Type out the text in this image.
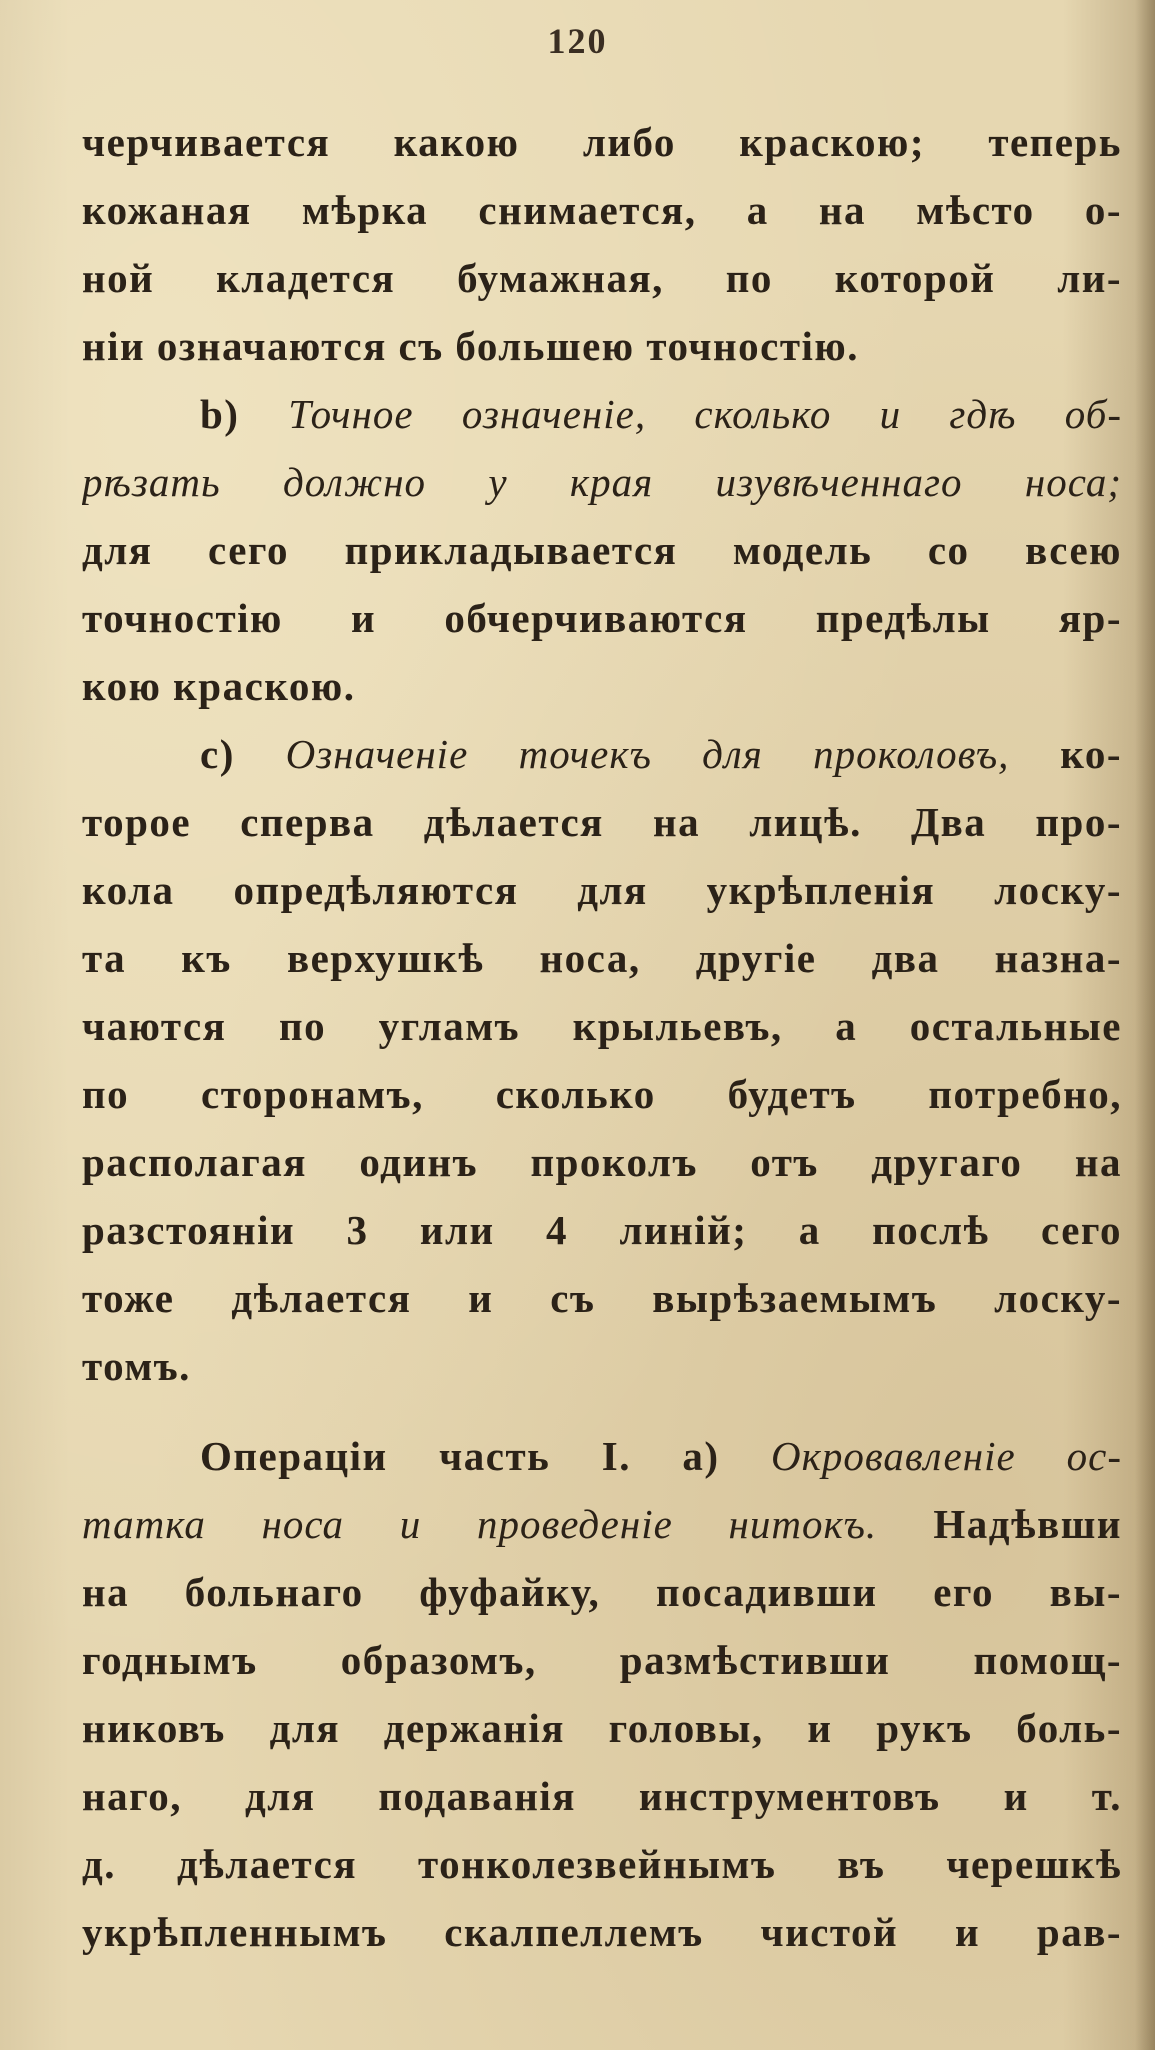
120
черчивается какою либо краскою; теперь
кожаная мѣрка снимается, а на мѣсто о-
ной кладется бумажная, по которой ли-
нiи означаются съ большею точностiю.
b) Точное означенiе, сколько и гдѣ об-
рѣзать должно у края изувѣченнаго носа;
для сего прикладывается модель со всею
точностiю и обчерчиваются предѣлы яр-
кою краскою.
c) Означенiе точекъ для проколовъ, ко-
торое сперва дѣлается на лицѣ. Два про-
кола опредѣляются для укрѣпленiя лоску-
та къ верхушкѣ носа, другiе два назна-
чаются по угламъ крыльевъ, а остальные
по сторонамъ, сколько будетъ потребно,
располагая одинъ проколъ отъ другаго на
разстоянiи 3 или 4 линiй; а послѣ сего
тоже дѣлается и съ вырѣзаемымъ лоску-
томъ.
Операцiи часть I. a) Окровавленiе ос-
татка носа и проведенiе нитокъ. Надѣвши
на больнаго фуфайку, посадивши его вы-
годнымъ образомъ, размѣстивши помощ-
никовъ для держанiя головы, и рукъ боль-
наго, для подаванiя инструментовъ и т.
д. дѣлается тонколезвейнымъ въ черешкѣ
укрѣпленнымъ скалпеллемъ чистой и рав-
